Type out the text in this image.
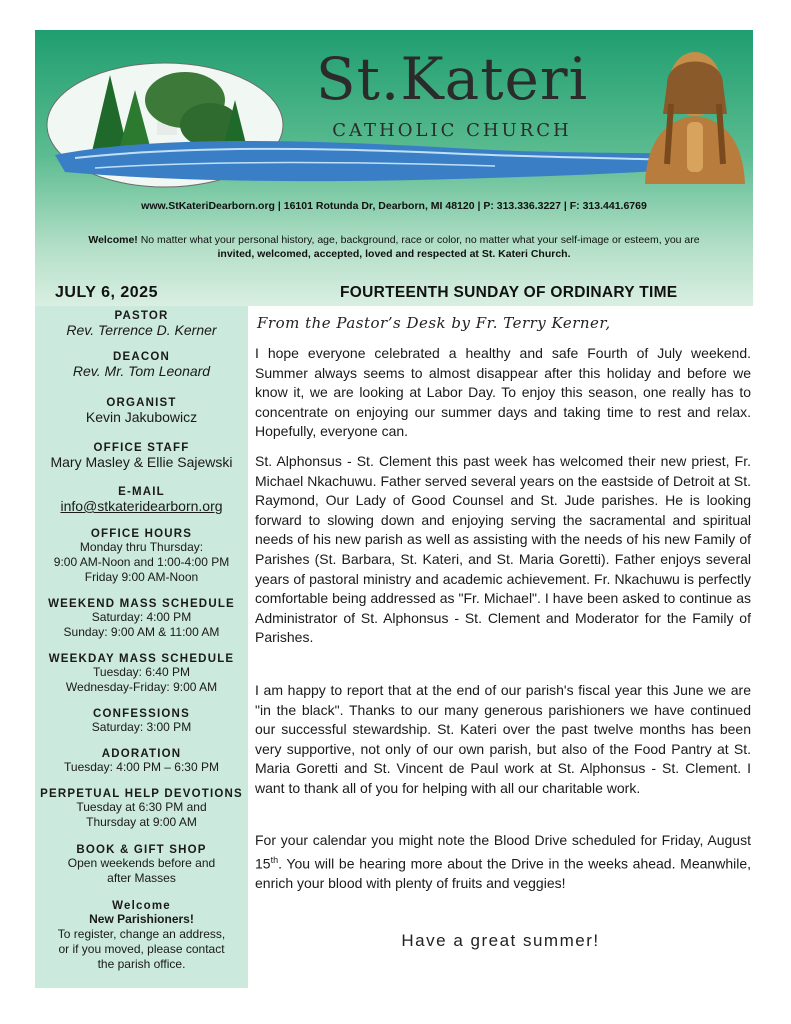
St.Kateri
CATHOLIC CHURCH
www.StKateriDearborn.org | 16101 Rotunda Dr, Dearborn, MI 48120 | P: 313.336.3227 | F: 313.441.6769
Welcome! No matter what your personal history, age, background, race or color, no matter what your self-image or esteem, you are invited, welcomed, accepted, loved and respected at St. Kateri Church.
JULY 6, 2025	FOURTEENTH SUNDAY OF ORDINARY TIME
PASTOR
Rev. Terrence D. Kerner
DEACON
Rev. Mr. Tom Leonard
ORGANIST
Kevin Jakubowicz
OFFICE STAFF
Mary Masley & Ellie Sajewski
E-MAIL
info@stkateridearborn.org
OFFICE HOURS
Monday thru Thursday:
9:00 AM-Noon and 1:00-4:00 PM
Friday 9:00 AM-Noon
WEEKEND MASS SCHEDULE
Saturday: 4:00 PM
Sunday: 9:00 AM & 11:00 AM
WEEKDAY MASS SCHEDULE
Tuesday: 6:40 PM
Wednesday-Friday: 9:00 AM
CONFESSIONS
Saturday: 3:00 PM
ADORATION
Tuesday: 4:00 PM – 6:30 PM
PERPETUAL HELP DEVOTIONS
Tuesday at 6:30 PM and
Thursday at 9:00 AM
BOOK & GIFT SHOP
Open weekends before and
after Masses
Welcome
New Parishioners!
To register, change an address,
or if you moved, please contact
the parish office.
From the Pastor’s Desk by Fr. Terry Kerner,
I hope everyone celebrated a healthy and safe Fourth of July weekend. Summer always seems to almost disappear after this holiday and before we know it, we are looking at Labor Day. To enjoy this season, one really has to concentrate on enjoying our summer days and taking time to rest and relax. Hopefully, everyone can.
St. Alphonsus - St. Clement this past week has welcomed their new priest, Fr. Michael Nkachuwu. Father served several years on the eastside of Detroit at St. Raymond, Our Lady of Good Counsel and St. Jude parishes. He is looking forward to slowing down and enjoying serving the sacramental and spiritual needs of his new parish as well as assisting with the needs of his new Family of Parishes (St. Barbara, St. Kateri, and St. Maria Goretti). Father enjoys several years of pastoral ministry and academic achievement. Fr. Nkachuwu is perfectly comfortable being addressed as "Fr. Michael". I have been asked to continue as Administrator of St. Alphonsus - St. Clement and Moderator for the Family of Parishes.
I am happy to report that at the end of our parish's fiscal year this June we are "in the black". Thanks to our many generous parishioners we have continued our successful stewardship. St. Kateri over the past twelve months has been very supportive, not only of our own parish, but also of the Food Pantry at St. Maria Goretti and St. Vincent de Paul work at St. Alphonsus - St. Clement. I want to thank all of you for helping with all our charitable work.
For your calendar you might note the Blood Drive scheduled for Friday, August 15th. You will be hearing more about the Drive in the weeks ahead. Meanwhile, enrich your blood with plenty of fruits and veggies!
Have a great summer!
